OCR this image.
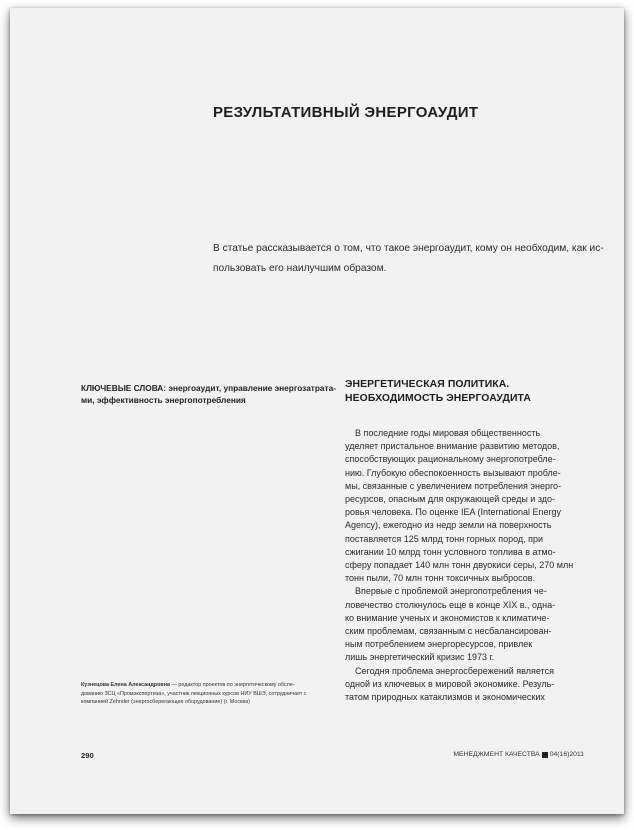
РЕЗУЛЬТАТИВНЫЙ ЭНЕРГОАУДИТ

В статье рассказывается о том, что такое энергоаудит, кому он необходим, как ис-
пользовать его наилучшим образом.

КЛЮЧЕВЫЕ СЛОВА: энергоаудит, управление энергозатрата-
ми, эффективность энергопотребления
ЭНЕРГЕТИЧЕСКАЯ ПОЛИТИКА.
НЕОБХОДИМОСТЬ ЭНЕРГОАУДИТА
В последние годы мировая общественность
уделяет пристальное внимание развитию методов,
способствующих рациональному энергопотребле-
нию. Глубокую обеспокоенность вызывают пробле-
мы, связанные с увеличением потребления энерго-
ресурсов, опасным для окружающей среды и здо-
ровья человека. По оценке IEA (International Energy
Agency), ежегодно из недр земли на поверхность
поставляется 125 млрд тонн горных пород, при
сжигании 10 млрд тонн условного топлива в атмо-
сферу попадает 140 млн тонн двуокиси серы, 270 млн
тонн пыли, 70 млн тонн токсичных выбросов.
Впервые с проблемой энергопотребления че-
ловечество столкнулось еще в конце XIX в., одна-
ко внимание ученых и экономистов к климатиче-
ским проблемам, связанным с несбалансирован-
ным потреблением энергоресурсов, привлек
лишь энергетический кризис 1973 г.
Сегодня проблема энергосбережений является
одной из ключевых в мировой экономике. Резуль-
татом природных катаклизмов и экономических
Кузнецова Елена Александровна — редактор проектов по энергетическому обсле-
дованию ЗСЦ «Промэкспертиза», участник лекционных курсов НИУ ВШЭ, сотрудничает с
компанией Zehnder (энергосберегающее оборудование) (г. Москва)
290	МЕНЕДЖМЕНТ КАЧЕСТВА 04(16)2011
